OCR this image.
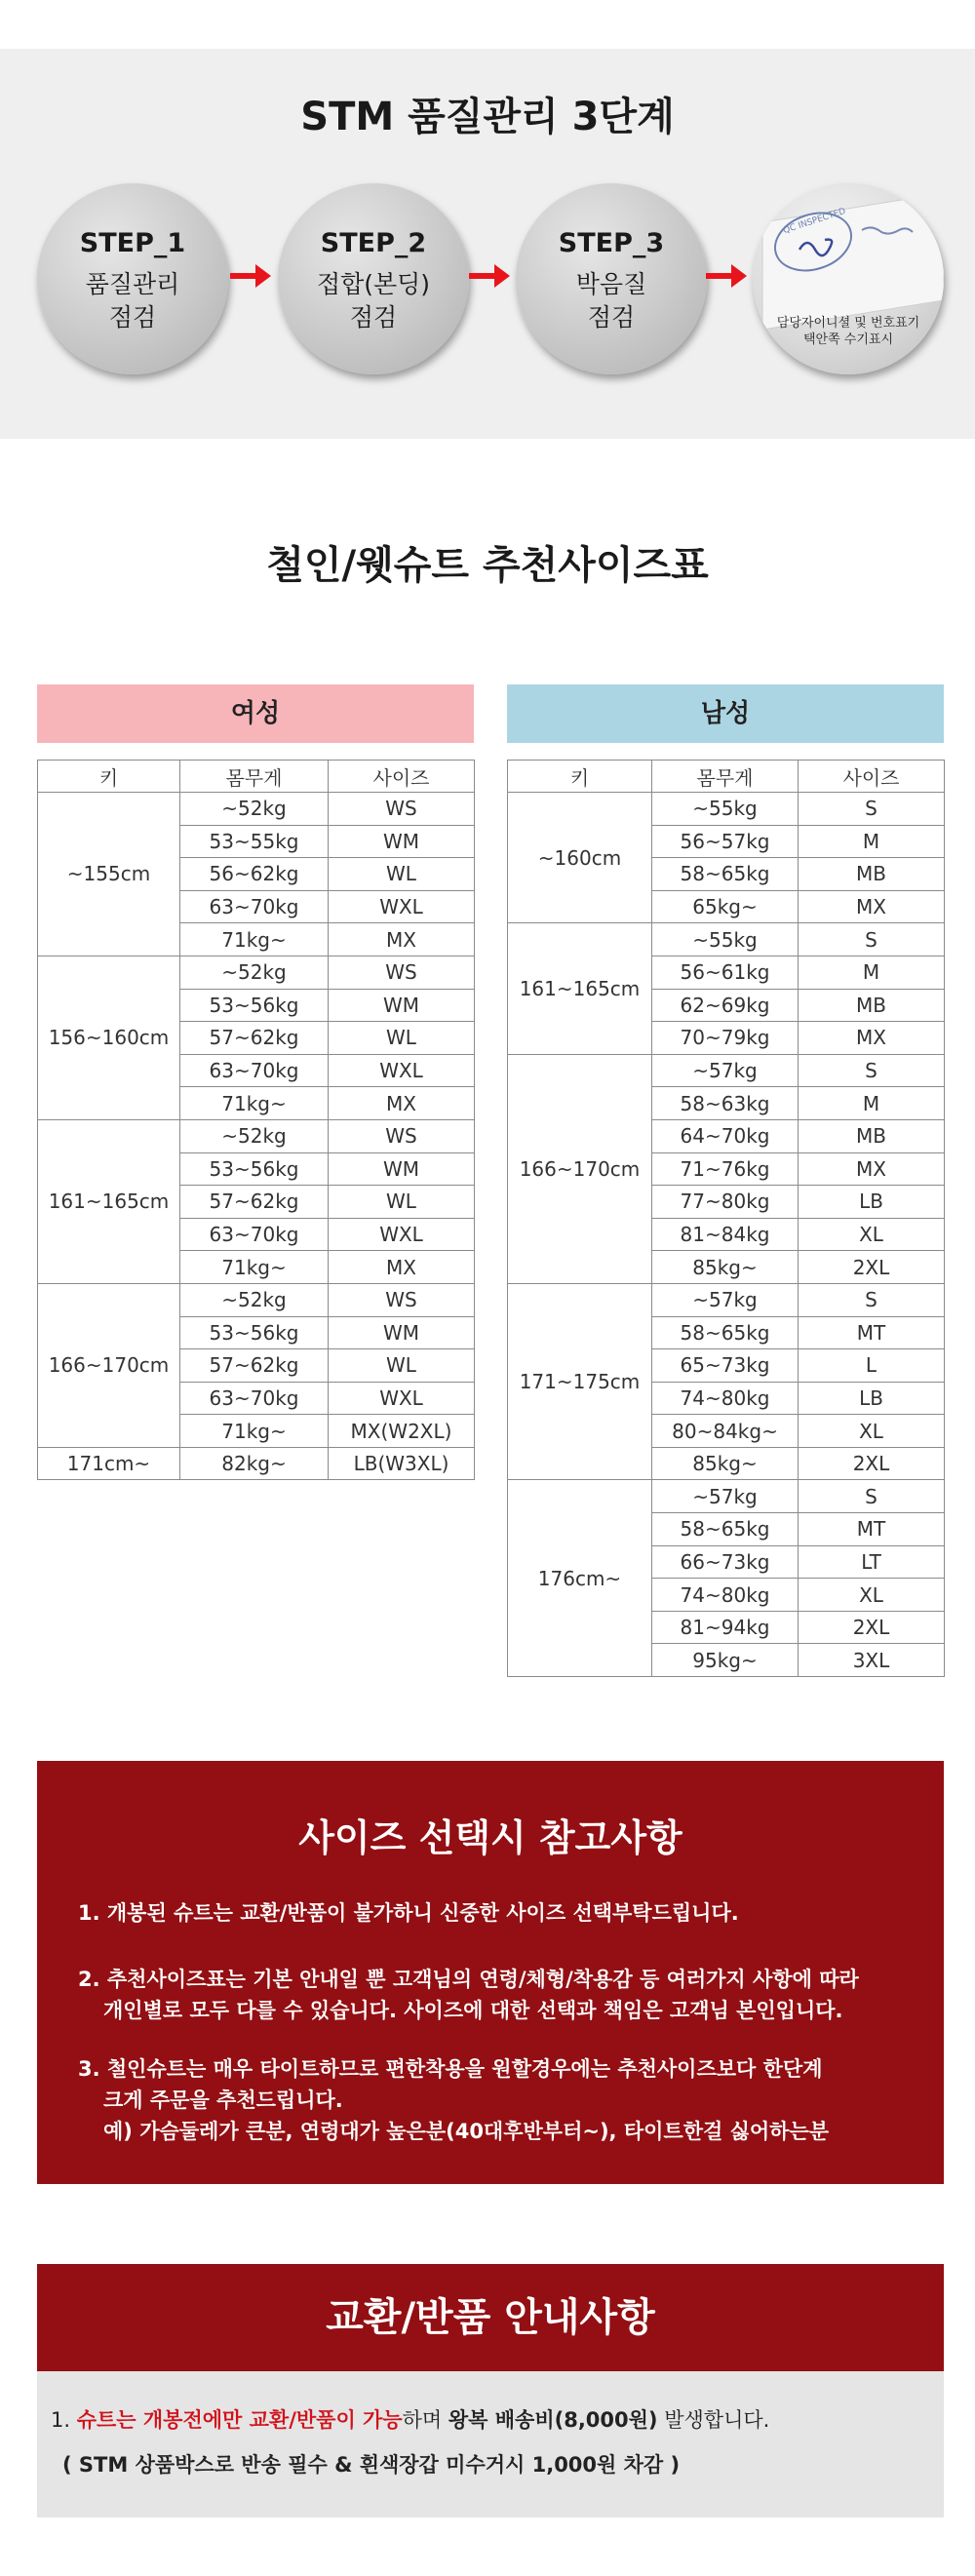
STM 품질관리 3단계
STEP_1
품질관리
점검
STEP_2
접합(본딩)
점검
STEP_3
박음질
점검
QC INSPECTED
담당자이니셜 및 번호표기
택안쪽 수기표시
철인/웻슈트 추천사이즈표
여성	남성
키	몸무게	사이즈
~155cm	~52kg	WS
	53~55kg	WM
	56~62kg	WL
	63~70kg	WXL
	71kg~	MX
156~160cm	~52kg	WS
	53~56kg	WM
	57~62kg	WL
	63~70kg	WXL
	71kg~	MX
161~165cm	~52kg	WS
	53~56kg	WM
	57~62kg	WL
	63~70kg	WXL
	71kg~	MX
166~170cm	~52kg	WS
	53~56kg	WM
	57~62kg	WL
	63~70kg	WXL
	71kg~	MX(W2XL)
171cm~	82kg~	LB(W3XL)
키	몸무게	사이즈
~160cm	~55kg	S
	56~57kg	M
	58~65kg	MB
	65kg~	MX
161~165cm	~55kg	S
	56~61kg	M
	62~69kg	MB
	70~79kg	MX
166~170cm	~57kg	S
	58~63kg	M
	64~70kg	MB
	71~76kg	MX
	77~80kg	LB
	81~84kg	XL
	85kg~	2XL
171~175cm	~57kg	S
	58~65kg	MT
	65~73kg	L
	74~80kg	LB
	80~84kg~	XL
	85kg~	2XL
176cm~	~57kg	S
	58~65kg	MT
	66~73kg	LT
	74~80kg	XL
	81~94kg	2XL
	95kg~	3XL
사이즈 선택시 참고사항
1. 개봉된 슈트는 교환/반품이 불가하니 신중한 사이즈 선택부탁드립니다.
2. 추천사이즈표는 기본 안내일 뿐 고객님의 연령/체형/착용감 등 여러가지 사항에 따라
개인별로 모두 다를 수 있습니다. 사이즈에 대한 선택과 책임은 고객님 본인입니다.
3. 철인슈트는 매우 타이트하므로 편한착용을 원할경우에는 추천사이즈보다 한단계
크게 주문을 추천드립니다.
예) 가슴둘레가 큰분, 연령대가 높은분(40대후반부터~), 타이트한걸 싫어하는분
교환/반품 안내사항
1. 슈트는 개봉전에만 교환/반품이 가능하며 왕복 배송비(8,000원) 발생합니다.
( STM 상품박스로 반송 필수 & 흰색장갑 미수거시 1,000원 차감 )
